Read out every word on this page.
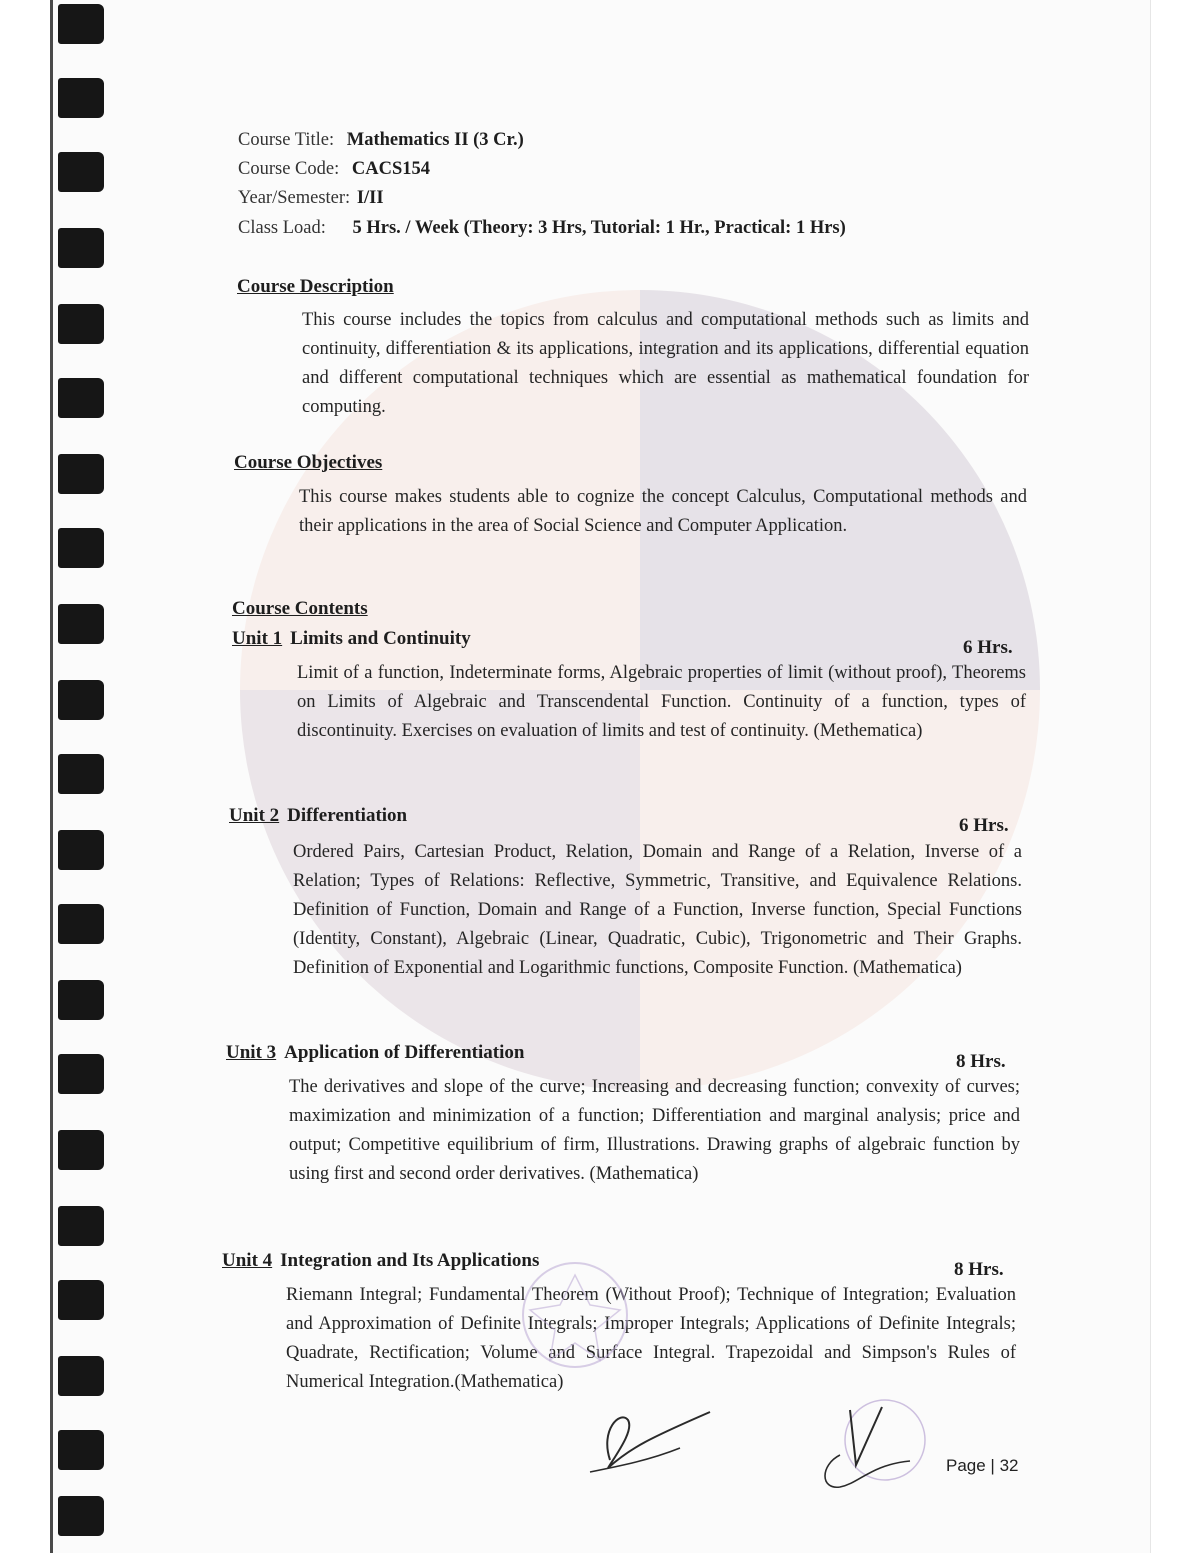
Course Title: Mathematics II (3 Cr.)
Course Code: CACS154
Year/Semester: I/II
Class Load: 5 Hrs. / Week (Theory: 3 Hrs, Tutorial: 1 Hr., Practical: 1 Hrs)
Course Description
This course includes the topics from calculus and computational methods such as limits and continuity, differentiation & its applications, integration and its applications, differential equation and different computational techniques which are essential as mathematical foundation for computing.
Course Objectives
This course makes students able to cognize the concept Calculus, Computational methods and their applications in the area of Social Science and Computer Application.
Course Contents
Unit 1 Limits and Continuity	6 Hrs.
Limit of a function, Indeterminate forms, Algebraic properties of limit (without proof), Theorems on Limits of Algebraic and Transcendental Function. Continuity of a function, types of discontinuity. Exercises on evaluation of limits and test of continuity. (Methematica)
Unit 2 Differentiation	6 Hrs.
Ordered Pairs, Cartesian Product, Relation, Domain and Range of a Relation, Inverse of a Relation; Types of Relations: Reflective, Symmetric, Transitive, and Equivalence Relations. Definition of Function, Domain and Range of a Function, Inverse function, Special Functions (Identity, Constant), Algebraic (Linear, Quadratic, Cubic), Trigonometric and Their Graphs. Definition of Exponential and Logarithmic functions, Composite Function. (Mathematica)
Unit 3 Application of Differentiation	8 Hrs.
The derivatives and slope of the curve; Increasing and decreasing function; convexity of curves; maximization and minimization of a function; Differentiation and marginal analysis; price and output; Competitive equilibrium of firm, Illustrations. Drawing graphs of algebraic function by using first and second order derivatives. (Mathematica)
Unit 4 Integration and Its Applications	8 Hrs.
Riemann Integral; Fundamental Theorem (Without Proof); Technique of Integration; Evaluation and Approximation of Definite Integrals; Improper Integrals; Applications of Definite Integrals; Quadrate, Rectification; Volume and Surface Integral. Trapezoidal and Simpson's Rules of Numerical Integration.(Mathematica)
Page | 32
